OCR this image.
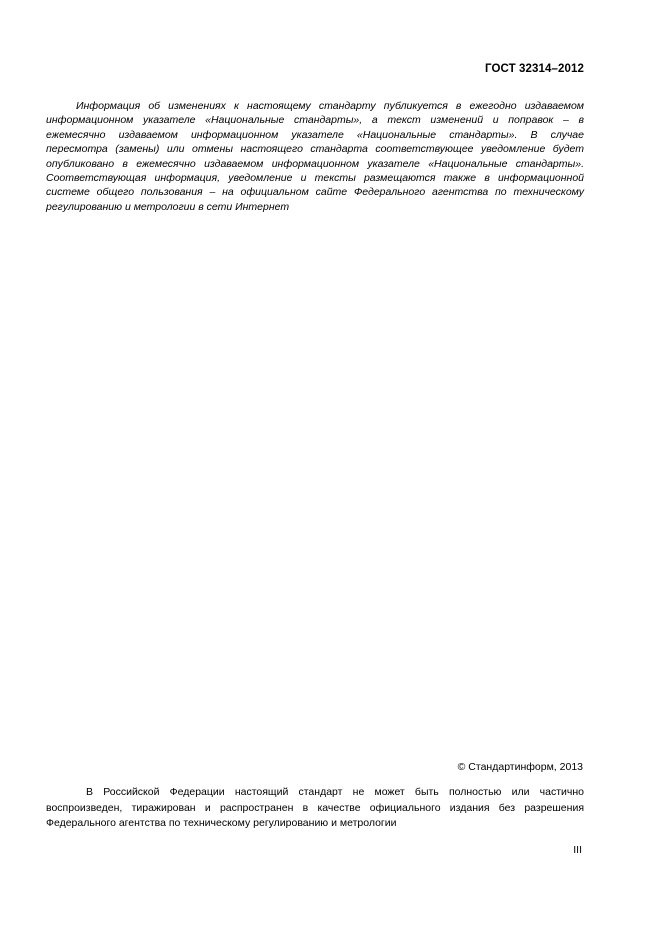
ГОСТ 32314–2012
Информация об изменениях к настоящему стандарту публикуется в ежегодно издаваемом
информационном указателе «Национальные стандарты», а текст изменений и поправок – в
ежемесячно издаваемом информационном указателе «Национальные стандарты». В случае
пересмотра (замены) или отмены настоящего стандарта соответствующее уведомление будет
опубликовано в ежемесячно издаваемом информационном указателе «Национальные стандарты».
Соответствующая информация, уведомление и тексты размещаются также в информационной
системе общего пользования – на официальном сайте Федерального агентства по техническому
регулированию и метрологии в сети Интернет
© Стандартинформ, 2013
В Российской Федерации настоящий стандарт не может быть полностью или частично
воспроизведен, тиражирован и распространен в качестве официального издания без разрешения
Федерального агентства по техническому регулированию и метрологии
III
